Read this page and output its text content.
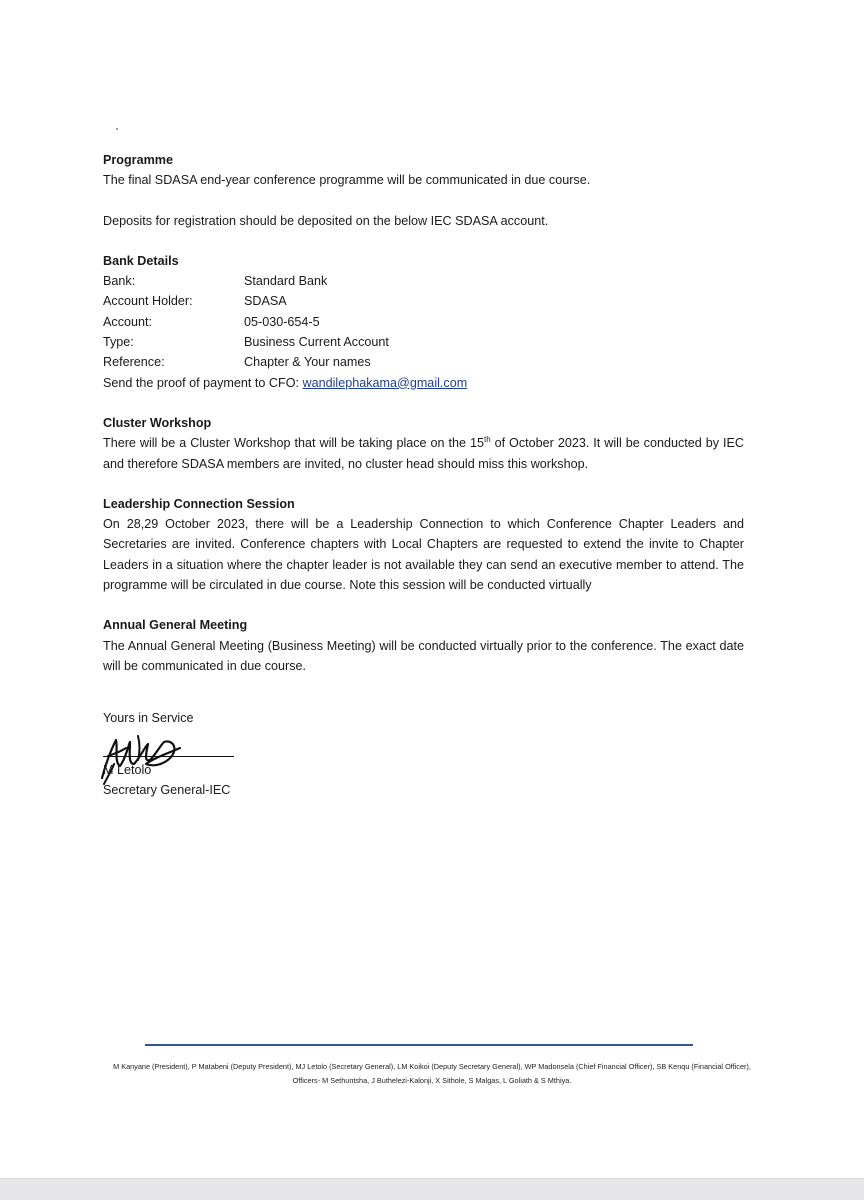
Programme

The final SDASA end-year conference programme will be communicated in due course.

Deposits for registration should be deposited on the below IEC SDASA account.

Bank Details
Bank:	Standard Bank
Account Holder:	SDASA
Account:	05-030-654-5
Type:	Business Current Account
Reference:	Chapter & Your names

Send the proof of payment to CFO: wandilephakama@gmail.com

Cluster Workshop

There will be a Cluster Workshop that will be taking place on the 15th of October 2023. It will be conducted by IEC and therefore SDASA members are invited, no cluster head should miss this workshop.

Leadership Connection Session

On 28,29 October 2023, there will be a Leadership Connection to which Conference Chapter Leaders and Secretaries are invited. Conference chapters with Local Chapters are requested to extend the invite to Chapter Leaders in a situation where the chapter leader is not available they can send an executive member to attend. The programme will be circulated in due course. Note this session will be conducted virtually

Annual General Meeting

The Annual General Meeting (Business Meeting) will be conducted virtually prior to the conference. The exact date will be communicated in due course.

Yours in Service
M Letolo
Secretary General-IEC
M Kanyane (President), P Matabeni (Deputy President), MJ Letolo (Secretary General), LM Koikoi (Deputy Secretary General), WP Madonsela (Chief Financial Officer), SB Kenqu (Financial Officer), Officers- M Sethuntsha, J Buthelezi-Kalonji, X Sithole, S Malgas, L Goliath & S Mthiya.
